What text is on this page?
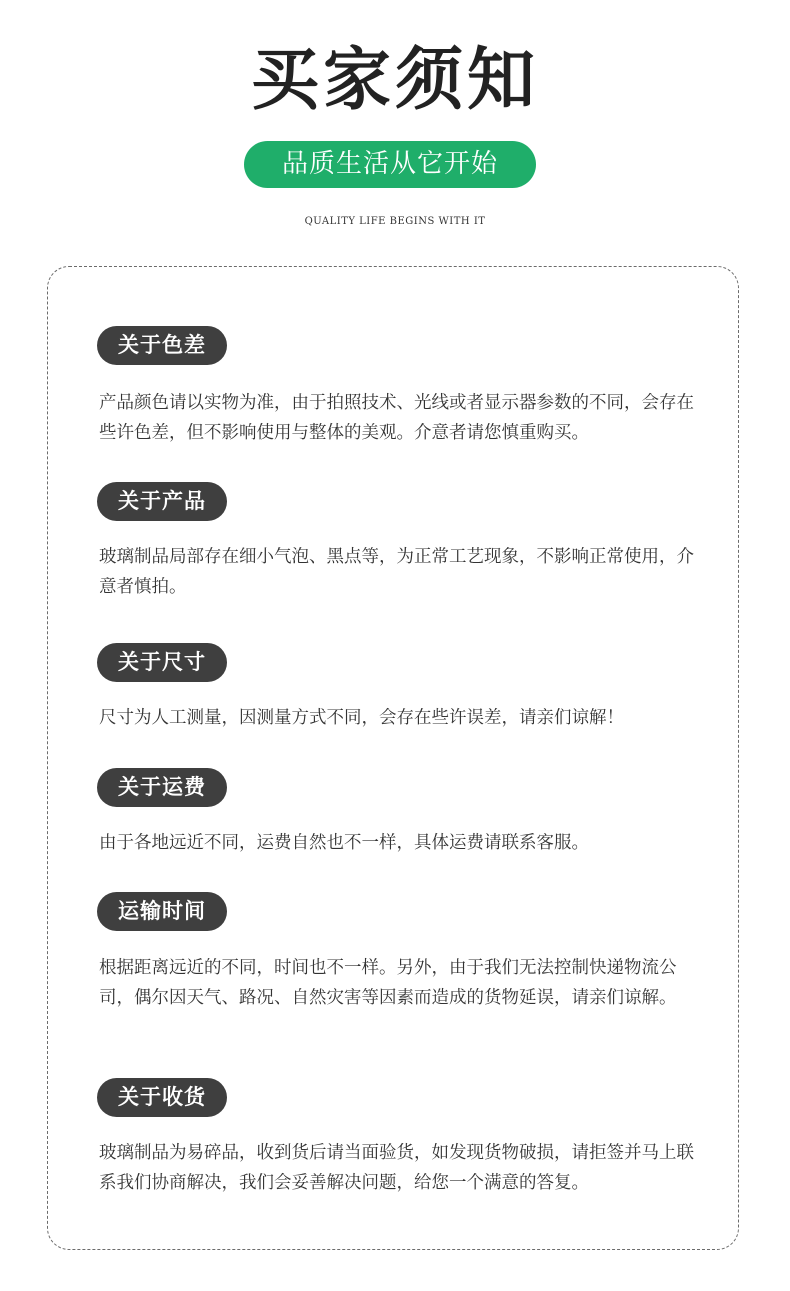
买家须知
品质生活从它开始
QUALITY LIFE BEGINS WITH IT
关于色差
产品颜色请以实物为准，由于拍照技术、光线或者显示器参数的不同，会存在些许色差，但不影响使用与整体的美观。介意者请您慎重购买。
关于产品
玻璃制品局部存在细小气泡、黑点等，为正常工艺现象，不影响正常使用，介意者慎拍。
关于尺寸
尺寸为人工测量，因测量方式不同，会存在些许误差，请亲们谅解！
关于运费
由于各地远近不同，运费自然也不一样，具体运费请联系客服。
运输时间
根据距离远近的不同，时间也不一样。另外，由于我们无法控制快递物流公司，偶尔因天气、路况、自然灾害等因素而造成的货物延误，请亲们谅解。
关于收货
玻璃制品为易碎品，收到货后请当面验货，如发现货物破损，请拒签并马上联系我们协商解决，我们会妥善解决问题，给您一个满意的答复。
